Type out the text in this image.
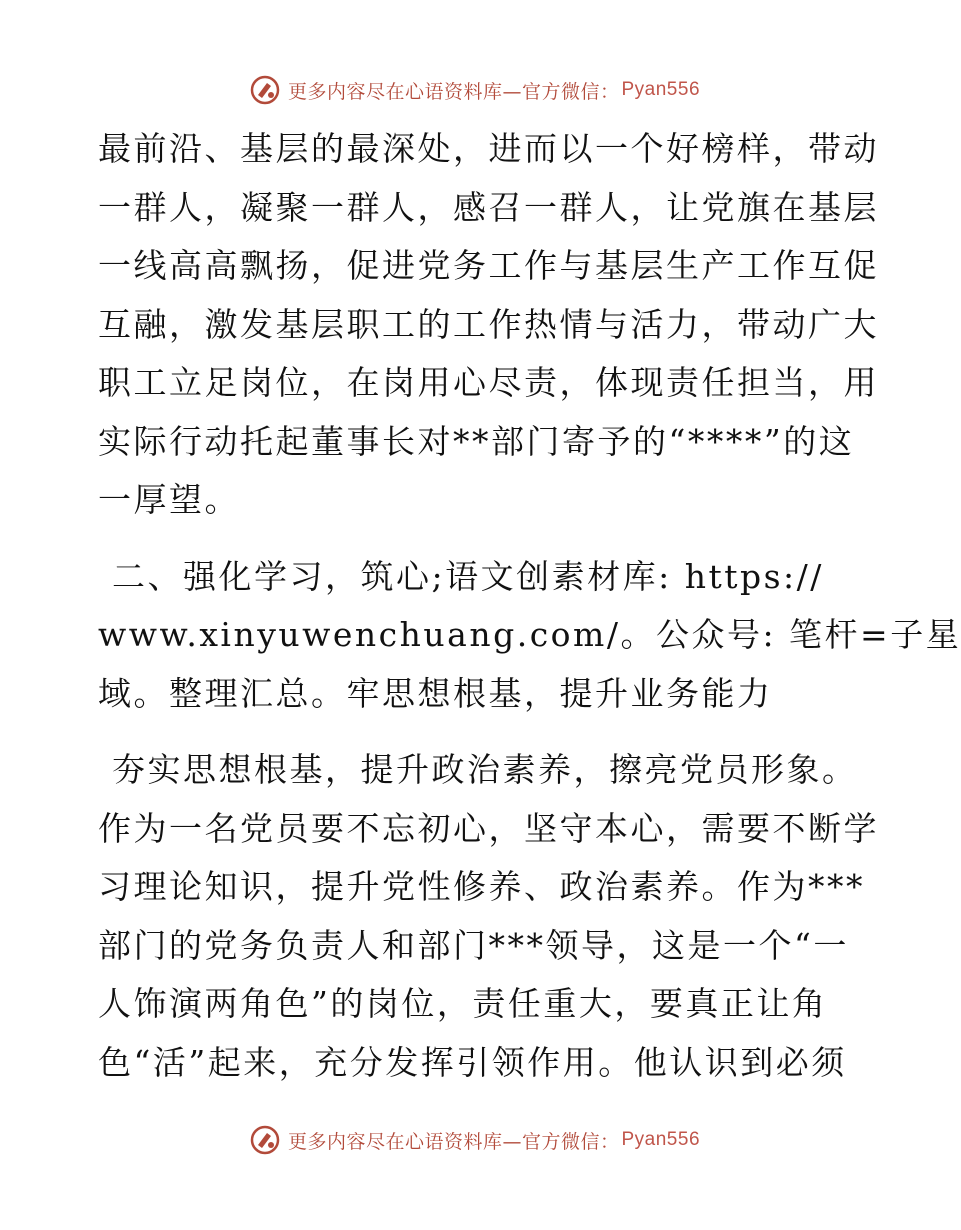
更多内容尽在心语资料库—官方微信： Pyan556
最前沿、基层的最深处，进而以一个好榜样，带动
一群人，凝聚一群人，感召一群人，让党旗在基层
一线高高飘扬，促进党务工作与基层生产工作互促
互融，激发基层职工的工作热情与活力，带动广大
职工立足岗位，在岗用心尽责，体现责任担当，用
实际行动托起董事长对**部门寄予的“****”的这
一厚望。
二、强化学习，筑心;语文创素材库: https://
www.xinyuwenchuang.com/。公众号: 笔杆=子星
域。整理汇总。牢思想根基，提升业务能力
夯实思想根基，提升政治素养，擦亮党员形象。
作为一名党员要不忘初心，坚守本心，需要不断学
习理论知识，提升党性修养、政治素养。作为***
部门的党务负责人和部门***领导，这是一个“一
人饰演两角色”的岗位，责任重大，要真正让角
色“活”起来，充分发挥引领作用。他认识到必须
更多内容尽在心语资料库—官方微信： Pyan556
